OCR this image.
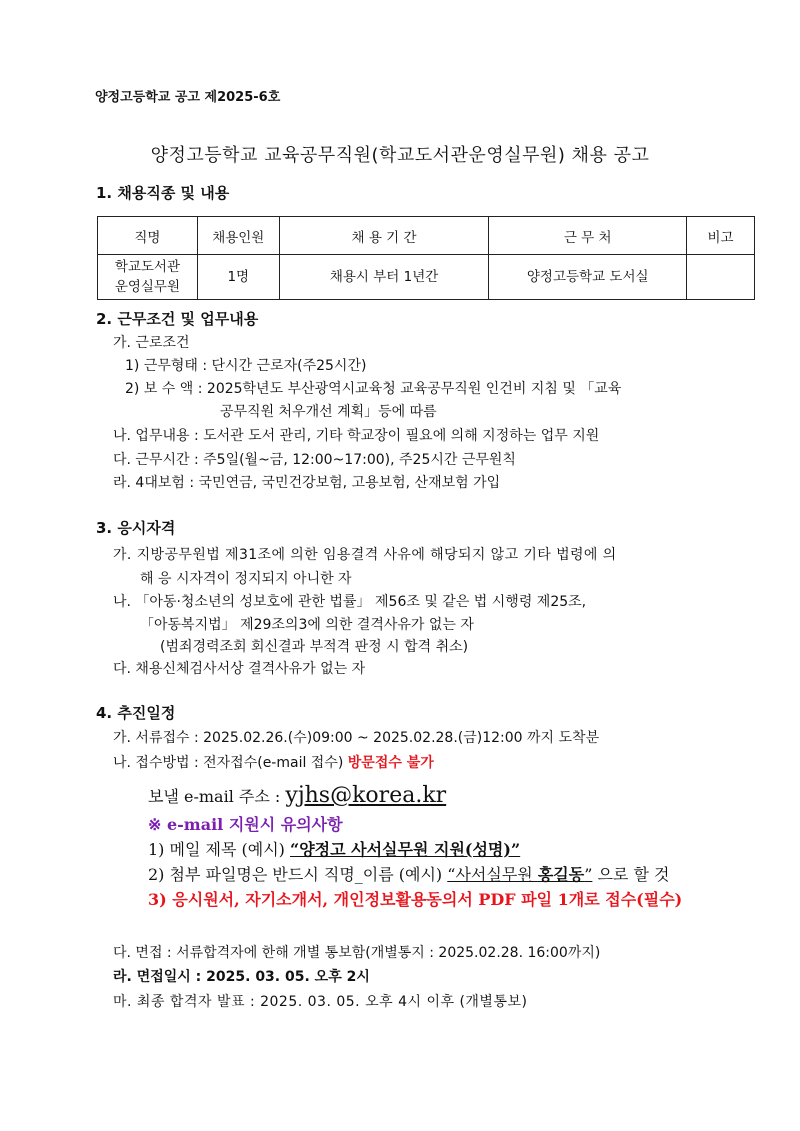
양정고등학교 공고 제2025-6호
양정고등학교 교육공무직원(학교도서관운영실무원) 채용 공고
1. 채용직종 및 내용
직명	채용인원	채 용 기 간	근 무 처	비고

학교도서관
운영실무원	1명	채용시 부터 1년간	양정고등학교 도서실	
2. 근무조건 및 업무내용
가. 근로조건
1) 근무형태 : 단시간 근로자(주25시간)
2) 보 수 액 : 2025학년도 부산광역시교육청 교육공무직원 인건비 지침 및 「교육
공무직원 처우개선 계획」등에 따름
나. 업무내용 : 도서관 도서 관리, 기타 학교장이 필요에 의해 지정하는 업무 지원
다. 근무시간 : 주5일(월~금, 12:00~17:00), 주25시간 근무원칙
라. 4대보험 : 국민연금, 국민건강보험, 고용보험, 산재보험 가입
3. 응시자격
가. 지방공무원법 제31조에 의한 임용결격 사유에 해당되지 않고 기타 법령에 의
해 응 시자격이 정지되지 아니한 자
나. 「아동·청소년의 성보호에 관한 법률」 제56조 및 같은 법 시행령 제25조,
「아동복지법」 제29조의3에 의한 결격사유가 없는 자
(범죄경력조회 회신결과 부적격 판정 시 합격 취소)
다. 채용신체검사서상 결격사유가 없는 자
4. 추진일정
가. 서류접수 : 2025.02.26.(수)09:00 ~ 2025.02.28.(금)12:00 까지 도착분
나. 접수방법 : 전자접수(e-mail 접수) 방문접수 불가
보낼 e-mail 주소 : yjhs@korea.kr
※ e-mail 지원시 유의사항
1) 메일 제목 (예시) “양정고 사서실무원 지원(성명)”
2) 첨부 파일명은 반드시 직명_이름 (예시) “사서실무원 홍길동” 으로 할 것
3) 응시원서, 자기소개서, 개인정보활용동의서 PDF 파일 1개로 접수(필수)
다. 면접 : 서류합격자에 한해 개별 통보함(개별통지 : 2025.02.28. 16:00까지)
라. 면접일시 : 2025. 03. 05. 오후 2시
마. 최종 합격자 발표 : 2025. 03. 05. 오후 4시 이후 (개별통보)
